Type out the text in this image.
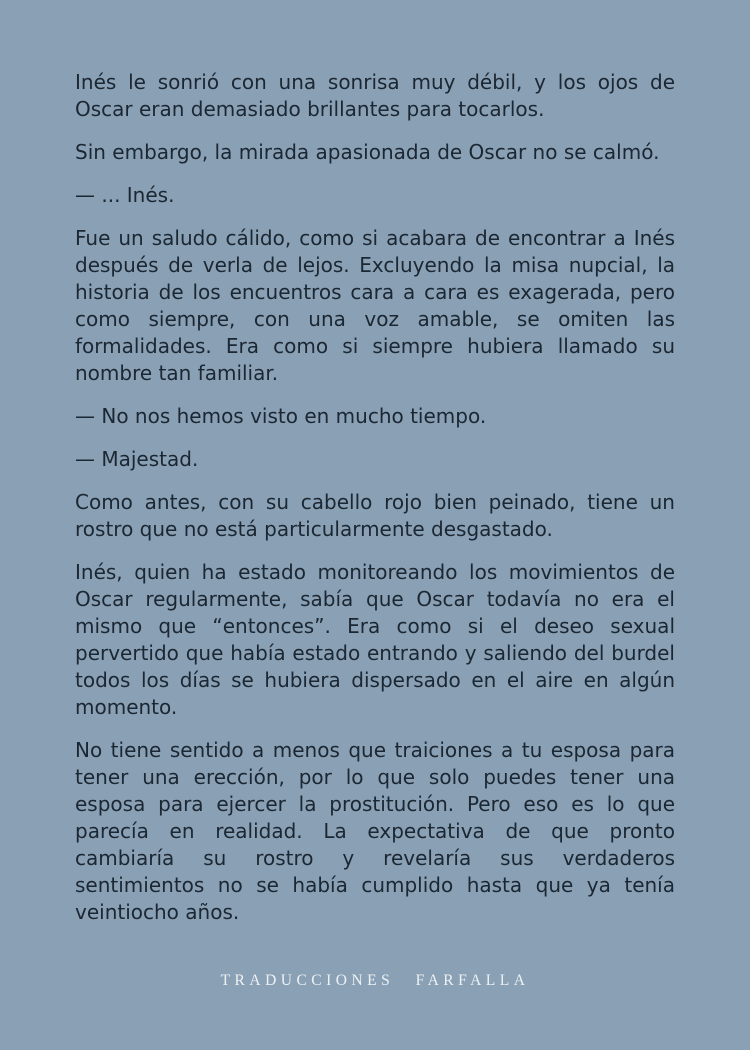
Inés le sonrió con una sonrisa muy débil, y los ojos de Oscar eran demasiado brillantes para tocarlos.

Sin embargo, la mirada apasionada de Oscar no se calmó.

— ... Inés.

Fue un saludo cálido, como si acabara de encontrar a Inés después de verla de lejos. Excluyendo la misa nupcial, la historia de los encuentros cara a cara es exagerada, pero como siempre, con una voz amable, se omiten las formalidades. Era como si siempre hubiera llamado su nombre tan familiar.

— No nos hemos visto en mucho tiempo.

— Majestad.

Como antes, con su cabello rojo bien peinado, tiene un rostro que no está particularmente desgastado.

Inés, quien ha estado monitoreando los movimientos de Oscar regularmente, sabía que Oscar todavía no era el mismo que “entonces”. Era como si el deseo sexual pervertido que había estado entrando y saliendo del burdel todos los días se hubiera dispersado en el aire en algún momento.

No tiene sentido a menos que traiciones a tu esposa para tener una erección, por lo que solo puedes tener una esposa para ejercer la prostitución. Pero eso es lo que parecía en realidad. La expectativa de que pronto cambiaría su rostro y revelaría sus verdaderos sentimientos no se había cumplido hasta que ya tenía veintiocho años.

TRADUCCIONES FARFALLA
